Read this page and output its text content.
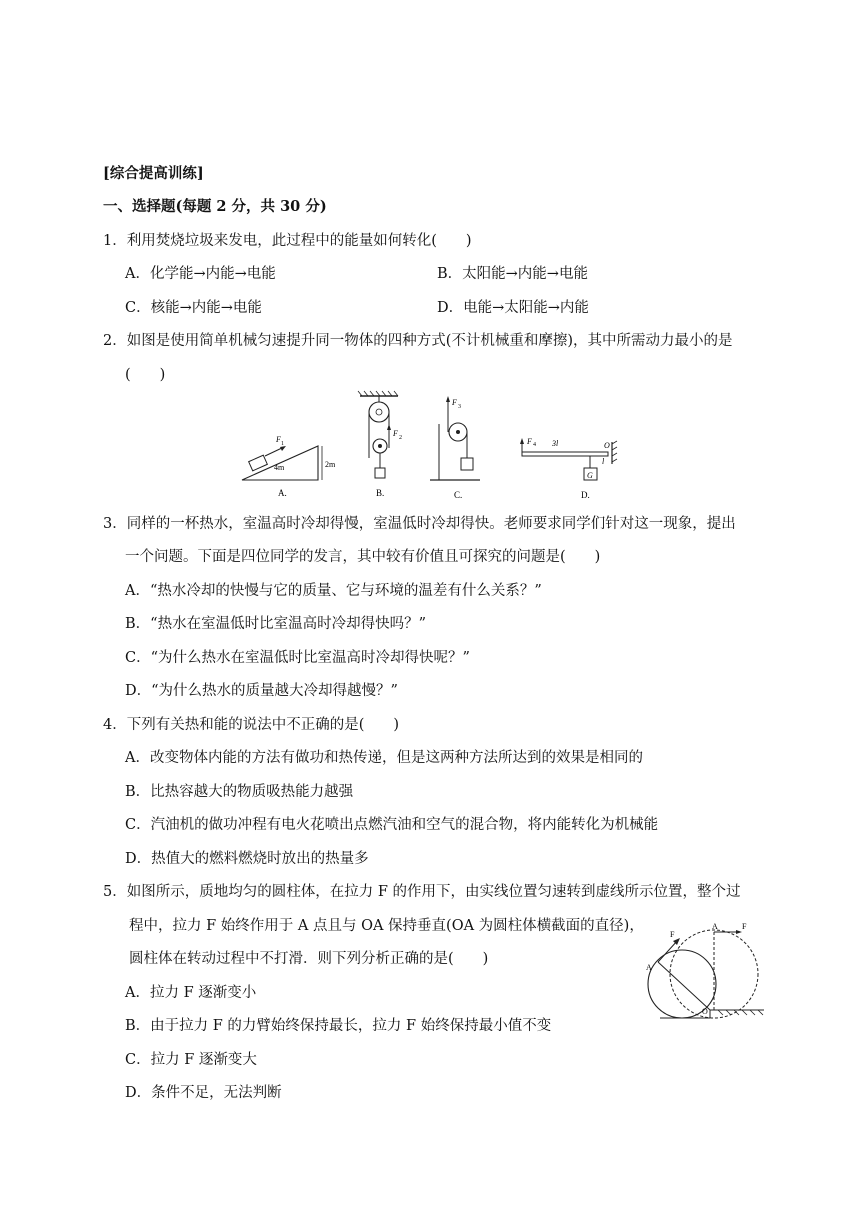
[综合提高训练]
一、选择题(每题 2 分，共 30 分)
1．利用焚烧垃圾来发电，此过程中的能量如何转化(　　)
A．化学能→内能→电能	B．太阳能→内能→电能
C．核能→内能→电能	D．电能→太阳能→内能
2．如图是使用简单机械匀速提升同一物体的四种方式(不计机械重和摩擦)，其中所需动力最小的是
(　　)
F 1
4m	2m
A.
F 2
B.
F 3
C.
F 4 3l
l
O
G
D.
3．同样的一杯热水，室温高时冷却得慢，室温低时冷却得快。老师要求同学们针对这一现象，提出
一个问题。下面是四位同学的发言，其中较有价值且可探究的问题是(　　)
A．“热水冷却的快慢与它的质量、它与环境的温差有什么关系？”
B．“热水在室温低时比室温高时冷却得快吗？”
C．“为什么热水在室温低时比室温高时冷却得快呢？”
D．“为什么热水的质量越大冷却得越慢？”
4．下列有关热和能的说法中不正确的是(　　)
A．改变物体内能的方法有做功和热传递，但是这两种方法所达到的效果是相同的
B．比热容越大的物质吸热能力越强
C．汽油机的做功冲程有电火花喷出点燃汽油和空气的混合物，将内能转化为机械能
D．热值大的燃料燃烧时放出的热量多
5．如图所示，质地均匀的圆柱体，在拉力 F 的作用下，由实线位置匀速转到虚线所示位置，整个过
程中，拉力 F 始终作用于 A 点且与 OA 保持垂直(OA 为圆柱体横截面的直径)，
圆柱体在转动过程中不打滑．则下列分析正确的是(　　)
A．拉力 F 逐渐变小
B．由于拉力 F 的力臂始终保持最长，拉力 F 始终保持最小值不变
C．拉力 F 逐渐变大
D．条件不足，无法判断
F
A
A	F
O
